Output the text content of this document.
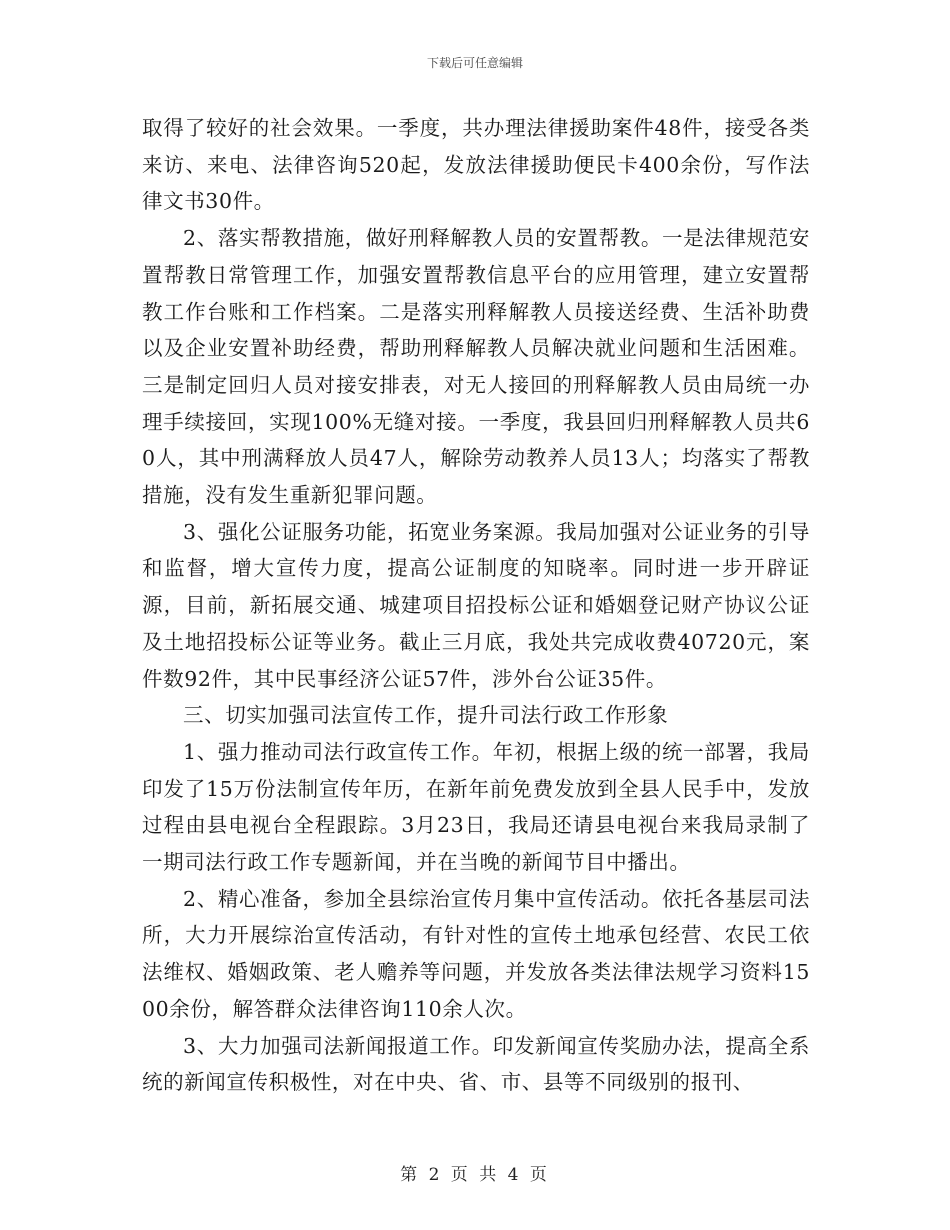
下载后可任意编辑

取得了较好的社会效果。一季度，共办理法律援助案件48件，接受各类来访、来电、法律咨询520起，发放法律援助便民卡400余份，写作法律文书30件。

2、落实帮教措施，做好刑释解教人员的安置帮教。一是法律规范安置帮教日常管理工作，加强安置帮教信息平台的应用管理，建立安置帮教工作台账和工作档案。二是落实刑释解教人员接送经费、生活补助费以及企业安置补助经费，帮助刑释解教人员解决就业问题和生活困难。三是制定回归人员对接安排表，对无人接回的刑释解教人员由局统一办理手续接回，实现100%无缝对接。一季度，我县回归刑释解教人员共60人，其中刑满释放人员47人，解除劳动教养人员13人；均落实了帮教措施，没有发生重新犯罪问题。

3、强化公证服务功能，拓宽业务案源。我局加强对公证业务的引导和监督，增大宣传力度，提高公证制度的知晓率。同时进一步开辟证源，目前，新拓展交通、城建项目招投标公证和婚姻登记财产协议公证及土地招投标公证等业务。截止三月底，我处共完成收费40720元，案件数92件，其中民事经济公证57件，涉外台公证35件。

三、切实加强司法宣传工作，提升司法行政工作形象

1、强力推动司法行政宣传工作。年初，根据上级的统一部署，我局印发了15万份法制宣传年历，在新年前免费发放到全县人民手中，发放过程由县电视台全程跟踪。3月23日，我局还请县电视台来我局录制了一期司法行政工作专题新闻，并在当晚的新闻节目中播出。

2、精心准备，参加全县综治宣传月集中宣传活动。依托各基层司法所，大力开展综治宣传活动，有针对性的宣传土地承包经营、农民工依法维权、婚姻政策、老人赡养等问题，并发放各类法律法规学习资料1500余份，解答群众法律咨询110余人次。

3、大力加强司法新闻报道工作。印发新闻宣传奖励办法，提高全系统的新闻宣传积极性，对在中央、省、市、县等不同级别的报刊、

第 2 页 共 4 页
